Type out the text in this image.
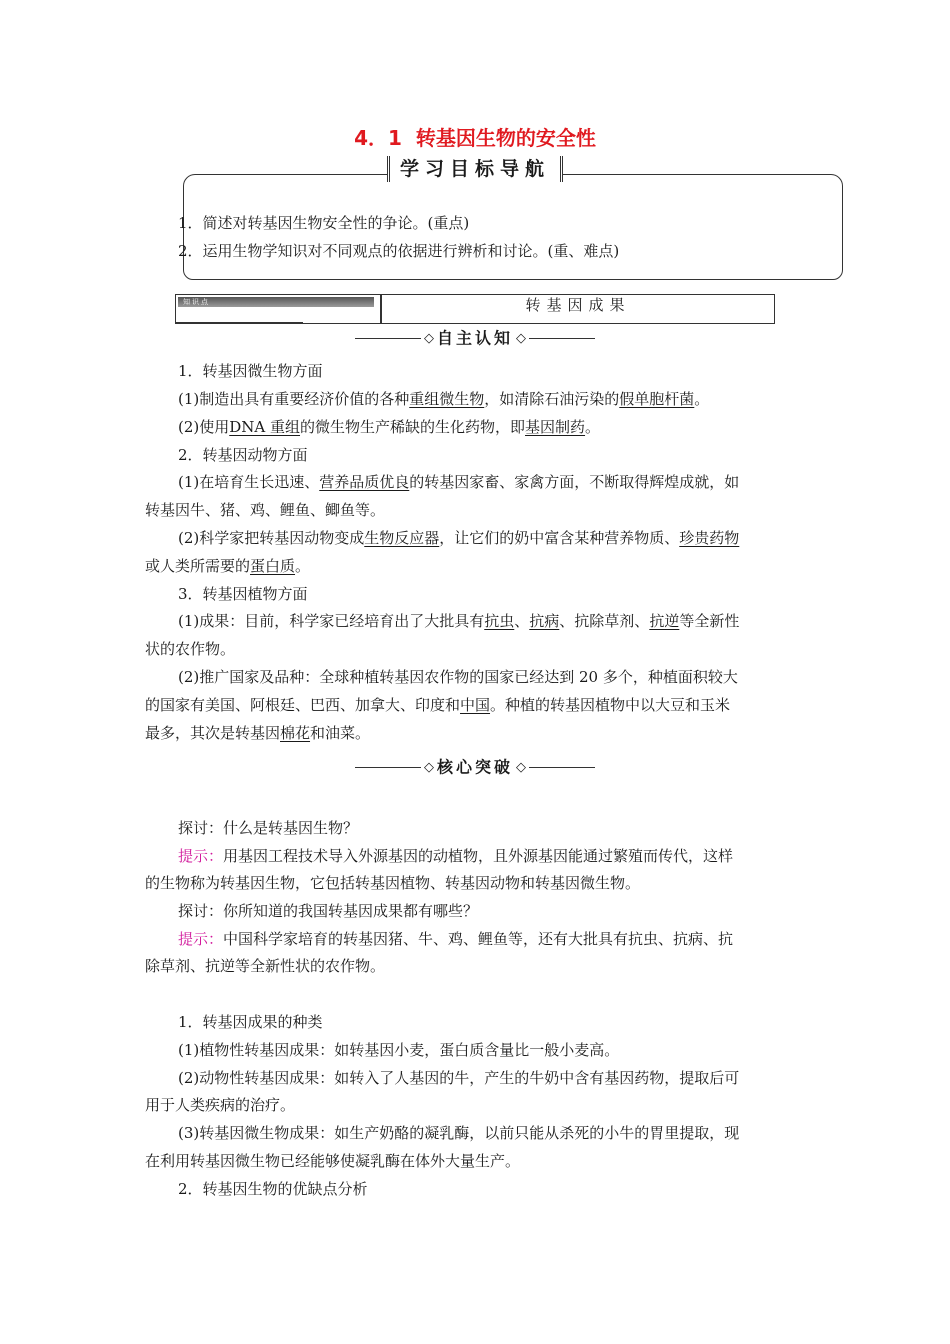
4．1 转基因生物的安全性
学习目标导航
1．简述对转基因生物安全性的争论。(重点)
2．运用生物学知识对不同观点的依据进行辨析和讨论。(重、难点)
知识点	转基因成果
◇ 自主认知 ◇
1．转基因微生物方面
(1)制造出具有重要经济价值的各种重组微生物，如清除石油污染的假单胞杆菌。
(2)使用DNA 重组的微生物生产稀缺的生化药物，即基因制药。
2．转基因动物方面
(1)在培育生长迅速、营养品质优良的转基因家畜、家禽方面，不断取得辉煌成就，如
转基因牛、猪、鸡、鲤鱼、鲫鱼等。
(2)科学家把转基因动物变成生物反应器，让它们的奶中富含某种营养物质、珍贵药物
或人类所需要的蛋白质。
3．转基因植物方面
(1)成果：目前，科学家已经培育出了大批具有抗虫、抗病、抗除草剂、抗逆等全新性
状的农作物。
(2)推广国家及品种：全球种植转基因农作物的国家已经达到 20 多个，种植面积较大
的国家有美国、阿根廷、巴西、加拿大、印度和中国。种植的转基因植物中以大豆和玉米
最多，其次是转基因棉花和油菜。
◇ 核心突破 ◇
探讨：什么是转基因生物？
提示：用基因工程技术导入外源基因的动植物，且外源基因能通过繁殖而传代，这样
的生物称为转基因生物，它包括转基因植物、转基因动物和转基因微生物。
探讨：你所知道的我国转基因成果都有哪些？
提示：中国科学家培育的转基因猪、牛、鸡、鲤鱼等，还有大批具有抗虫、抗病、抗
除草剂、抗逆等全新性状的农作物。
1．转基因成果的种类
(1)植物性转基因成果：如转基因小麦，蛋白质含量比一般小麦高。
(2)动物性转基因成果：如转入了人基因的牛，产生的牛奶中含有基因药物，提取后可
用于人类疾病的治疗。
(3)转基因微生物成果：如生产奶酪的凝乳酶，以前只能从杀死的小牛的胃里提取，现
在利用转基因微生物已经能够使凝乳酶在体外大量生产。
2．转基因生物的优缺点分析
